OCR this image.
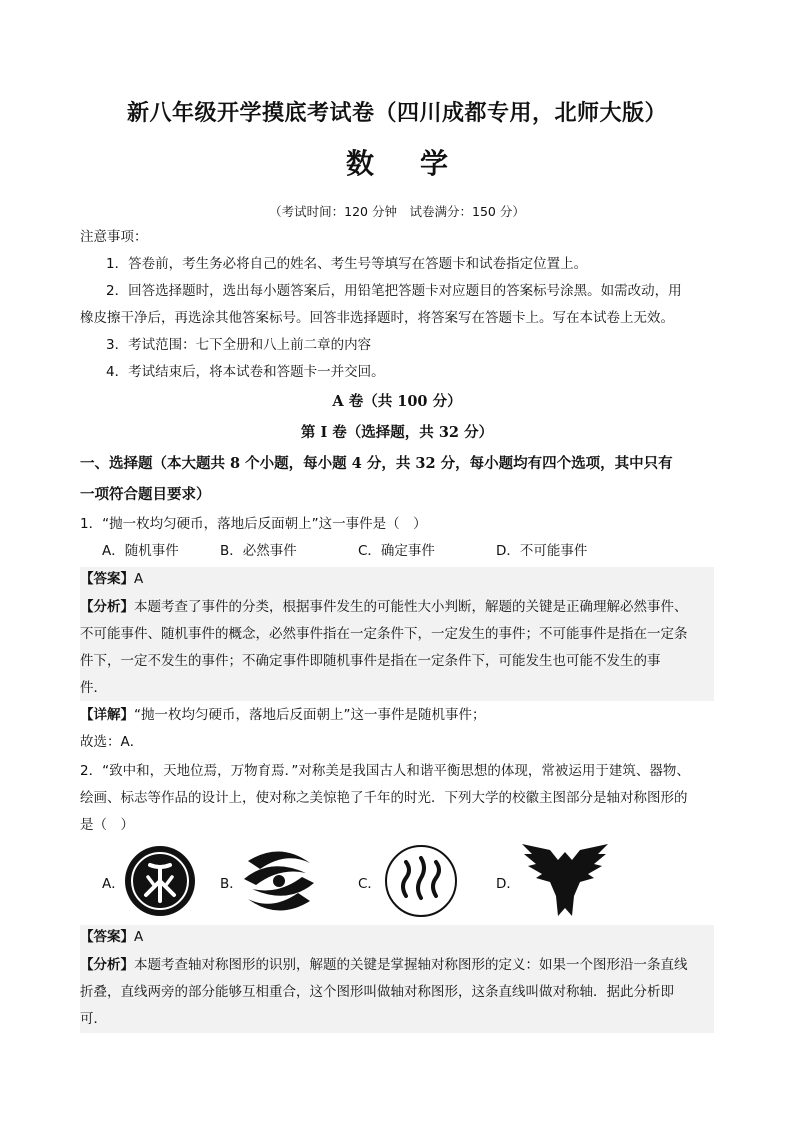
新八年级开学摸底考试卷（四川成都专用，北师大版）
数学
（考试时间：120 分钟　试卷满分：150 分）
注意事项：
1．答卷前，考生务必将自己的姓名、考生号等填写在答题卡和试卷指定位置上。
2．回答选择题时，选出每小题答案后，用铅笔把答题卡对应题目的答案标号涂黑。如需改动，用
橡皮擦干净后，再选涂其他答案标号。回答非选择题时，将答案写在答题卡上。写在本试卷上无效。
3．考试范围：七下全册和八上前二章的内容
4．考试结束后，将本试卷和答题卡一并交回。
A 卷（共 100 分）
第 I 卷（选择题，共 32 分）
一、选择题（本大题共 8 个小题，每小题 4 分，共 32 分，每小题均有四个选项，其中只有
一项符合题目要求）
1．“抛一枚均匀硬币，落地后反面朝上”这一事件是（　）
A．随机事件	B．必然事件	C．确定事件	D．不可能事件
【答案】A
【分析】本题考查了事件的分类，根据事件发生的可能性大小判断，解题的关键是正确理解必然事件、
不可能事件、随机事件的概念，必然事件指在一定条件下，一定发生的事件；不可能事件是指在一定条
件下，一定不发生的事件；不确定事件即随机事件是指在一定条件下，可能发生也可能不发生的事
件．
【详解】“抛一枚均匀硬币，落地后反面朝上”这一事件是随机事件；
故选：A．
2．“致中和，天地位焉，万物育焉．”对称美是我国古人和谐平衡思想的体现，常被运用于建筑、器物、
绘画、标志等作品的设计上，使对称之美惊艳了千年的时光．下列大学的校徽主图部分是轴对称图形的
是（　）
A．	B．	C．	D．
【答案】A
【分析】本题考查轴对称图形的识别，解题的关键是掌握轴对称图形的定义：如果一个图形沿一条直线
折叠，直线两旁的部分能够互相重合，这个图形叫做轴对称图形，这条直线叫做对称轴．据此分析即
可．
